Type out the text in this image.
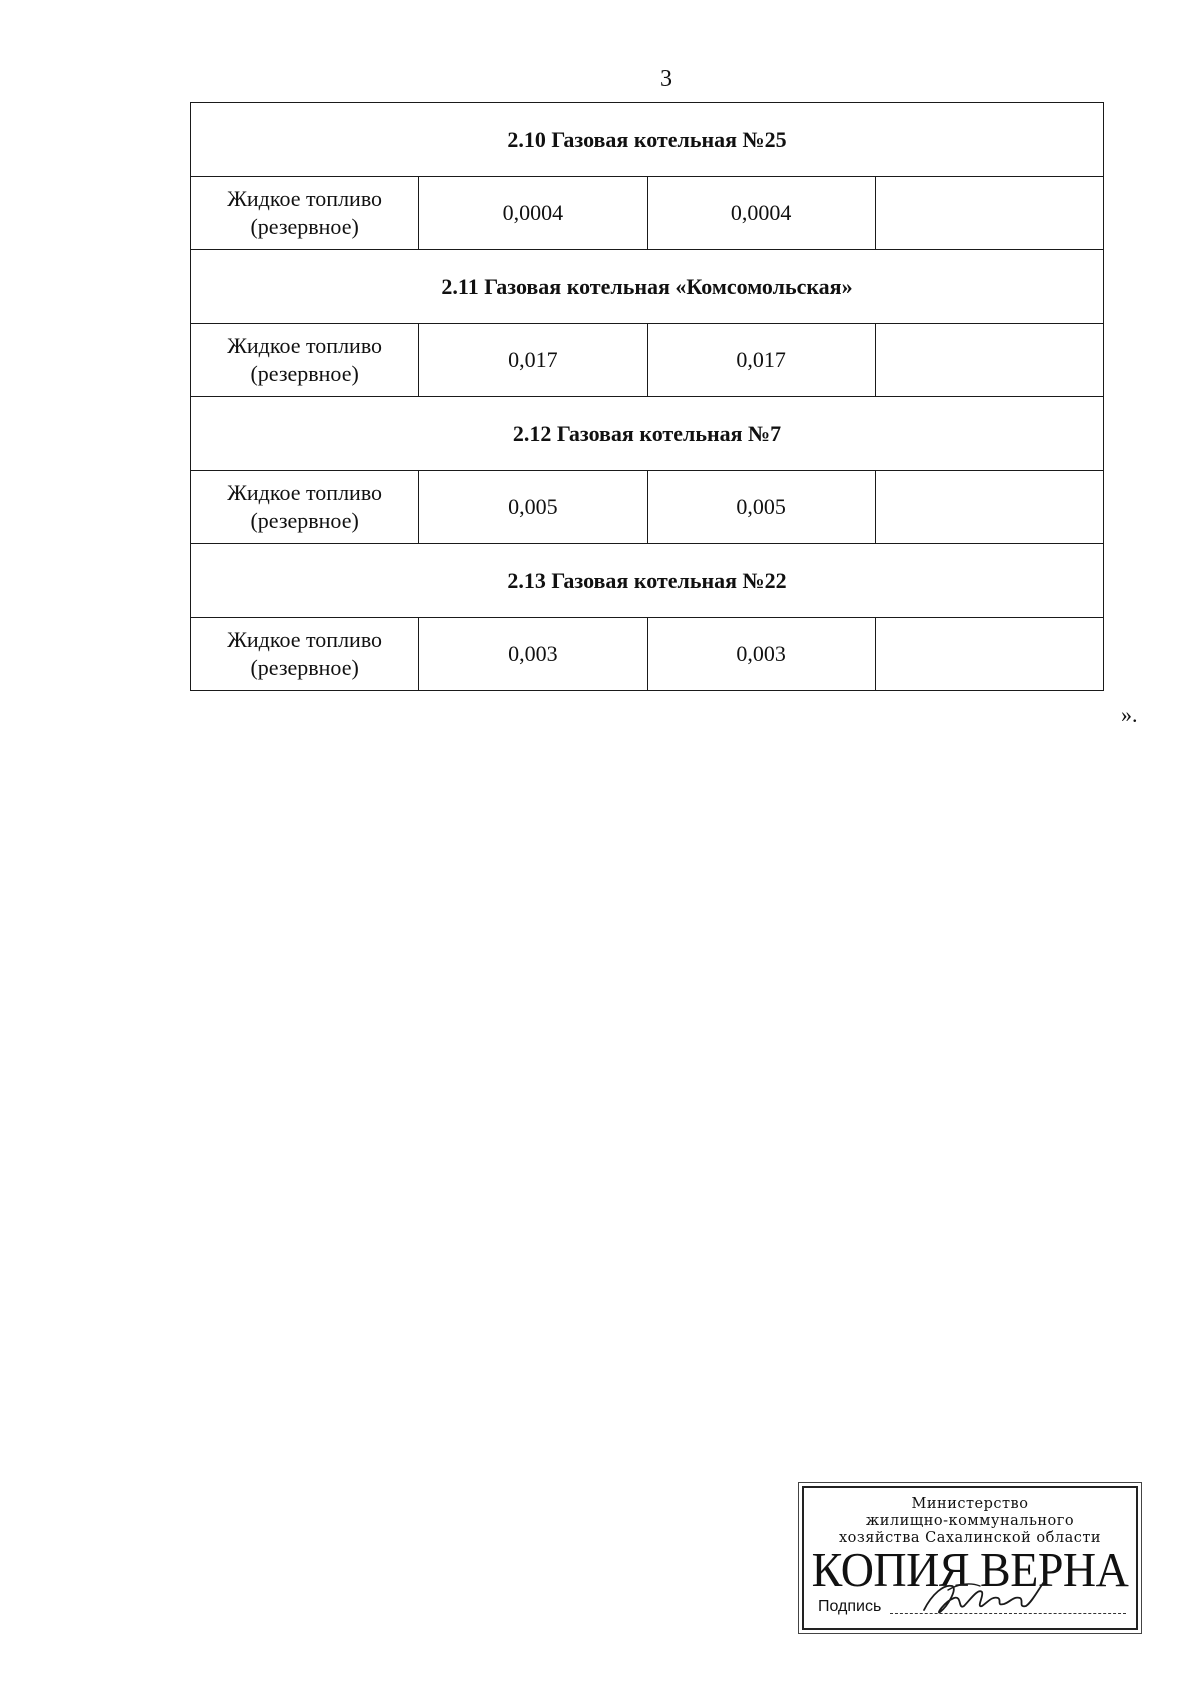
3
2.10 Газовая котельная №25			
Жидкое топливо
(резервное)	0,0004	0,0004	
2.11 Газовая котельная «Комсомольская»			
Жидкое топливо
(резервное)	0,017	0,017	
2.12 Газовая котельная №7			
Жидкое топливо
(резервное)	0,005	0,005	
2.13 Газовая котельная №22			
Жидкое топливо
(резервное)	0,003	0,003	
».
Министерство
жилищно-коммунального
хозяйства Сахалинской области
КОПИЯ ВЕРНА
Подпись
